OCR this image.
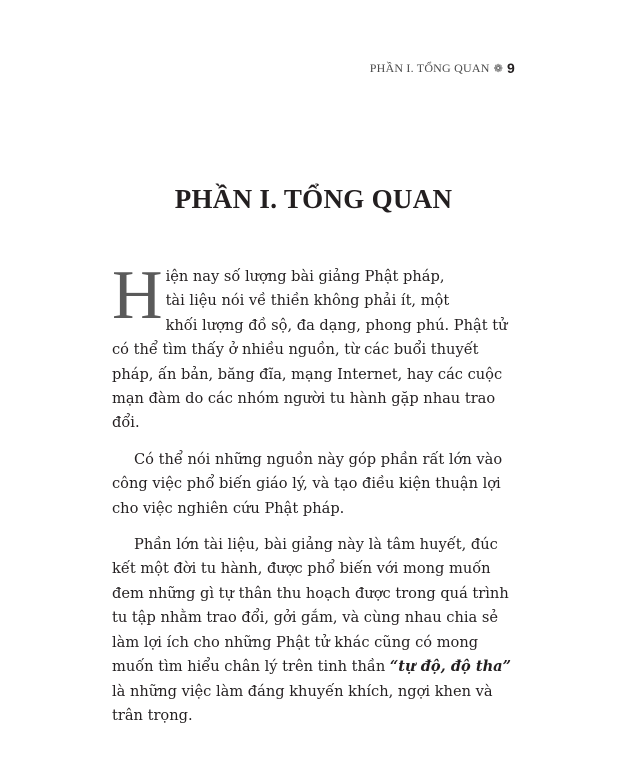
PHẦN I. TỔNG QUAN ❁ 9
PHẦN I. TỔNG QUAN

H iện nay số lượng bài giảng Phật pháp,
tài liệu nói về thiền không phải ít, một
khối lượng đồ sộ, đa dạng, phong phú. Phật tử có thể tìm thấy ở nhiều nguồn, từ các buổi thuyết pháp, ấn bản, băng đĩa, mạng Internet, hay các cuộc mạn đàm do các nhóm người tu hành gặp nhau trao đổi.

Có thể nói những nguồn này góp phần rất lớn vào công việc phổ biến giáo lý, và tạo điều kiện thuận lợi cho việc nghiên cứu Phật pháp.

Phần lớn tài liệu, bài giảng này là tâm huyết, đúc kết một đời tu hành, được phổ biến với mong muốn đem những gì tự thân thu hoạch được trong quá trình tu tập nhằm trao đổi, gởi gắm, và cùng nhau chia sẻ làm lợi ích cho những Phật tử khác cũng có mong muốn tìm hiểu chân lý trên tinh thần “tự độ, độ tha” là những việc làm đáng khuyến khích, ngợi khen và trân trọng.
